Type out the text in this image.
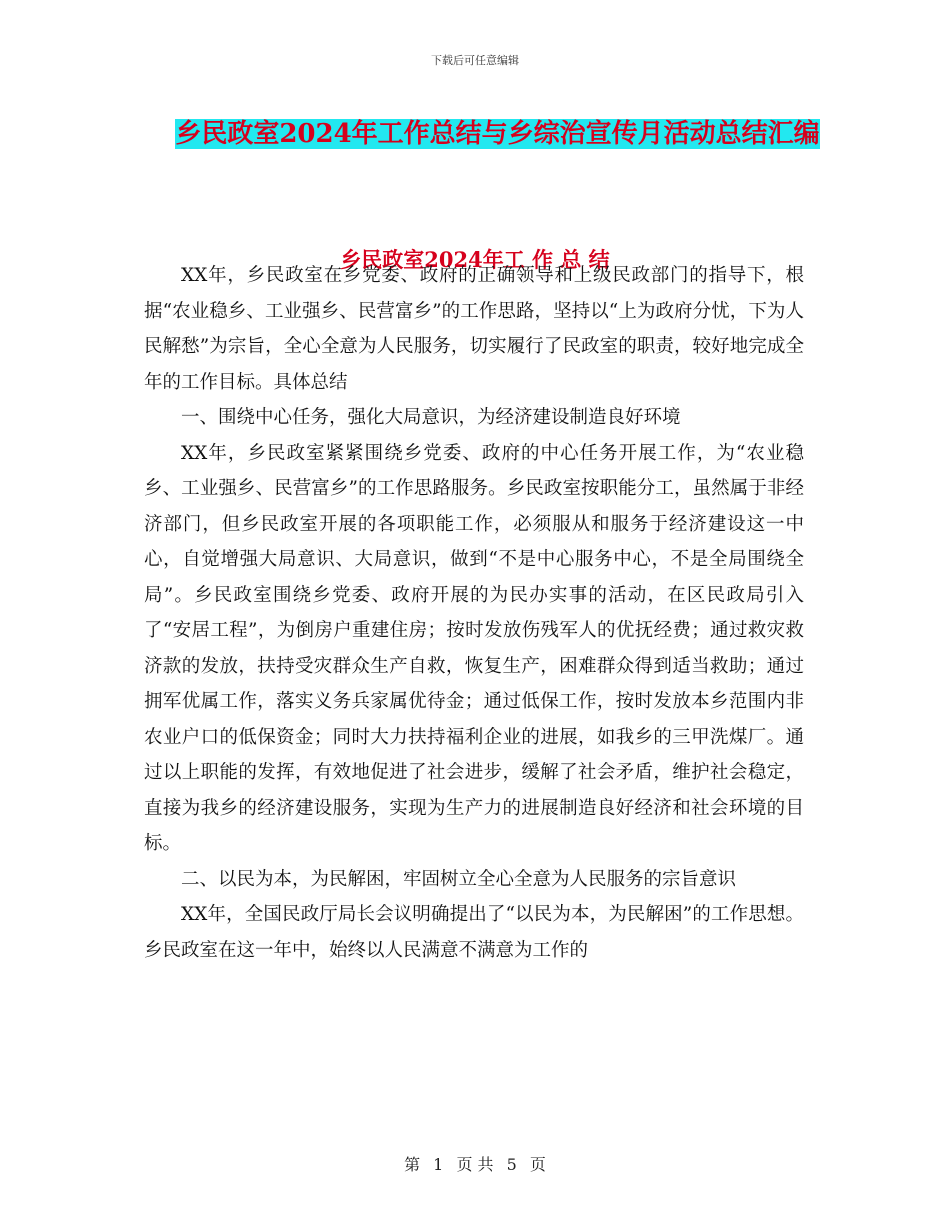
下载后可任意编辑
乡民政室2024年工作总结与乡综治宣传月活动总结汇编
乡民政室2024年工 作 总 结

XX年，乡民政室在乡党委、政府的正确领导和上级民政部门的指导下，根据“农业稳乡、工业强乡、民营富乡”的工作思路，坚持以“上为政府分忧，下为人民解愁”为宗旨，全心全意为人民服务，切实履行了民政室的职责，较好地完成全年的工作目标。具体总结

一、围绕中心任务，强化大局意识，为经济建设制造良好环境

XX年，乡民政室紧紧围绕乡党委、政府的中心任务开展工作，为“农业稳乡、工业强乡、民营富乡”的工作思路服务。乡民政室按职能分工，虽然属于非经济部门，但乡民政室开展的各项职能工作，必须服从和服务于经济建设这一中心，自觉增强大局意识、大局意识，做到“不是中心服务中心，不是全局围绕全局”。乡民政室围绕乡党委、政府开展的为民办实事的活动，在区民政局引入了“安居工程”，为倒房户重建住房；按时发放伤残军人的优抚经费；通过救灾救济款的发放，扶持受灾群众生产自救，恢复生产，困难群众得到适当救助；通过拥军优属工作，落实义务兵家属优待金；通过低保工作，按时发放本乡范围内非农业户口的低保资金；同时大力扶持福利企业的进展，如我乡的三甲洗煤厂。通过以上职能的发挥，有效地促进了社会进步，缓解了社会矛盾，维护社会稳定，直接为我乡的经济建设服务，实现为生产力的进展制造良好经济和社会环境的目标。

二、以民为本，为民解困，牢固树立全心全意为人民服务的宗旨意识

XX年，全国民政厅局长会议明确提出了“以民为本，为民解困”的工作思想。乡民政室在这一年中，始终以人民满意不满意为工作的

第 1 页 共 5 页
